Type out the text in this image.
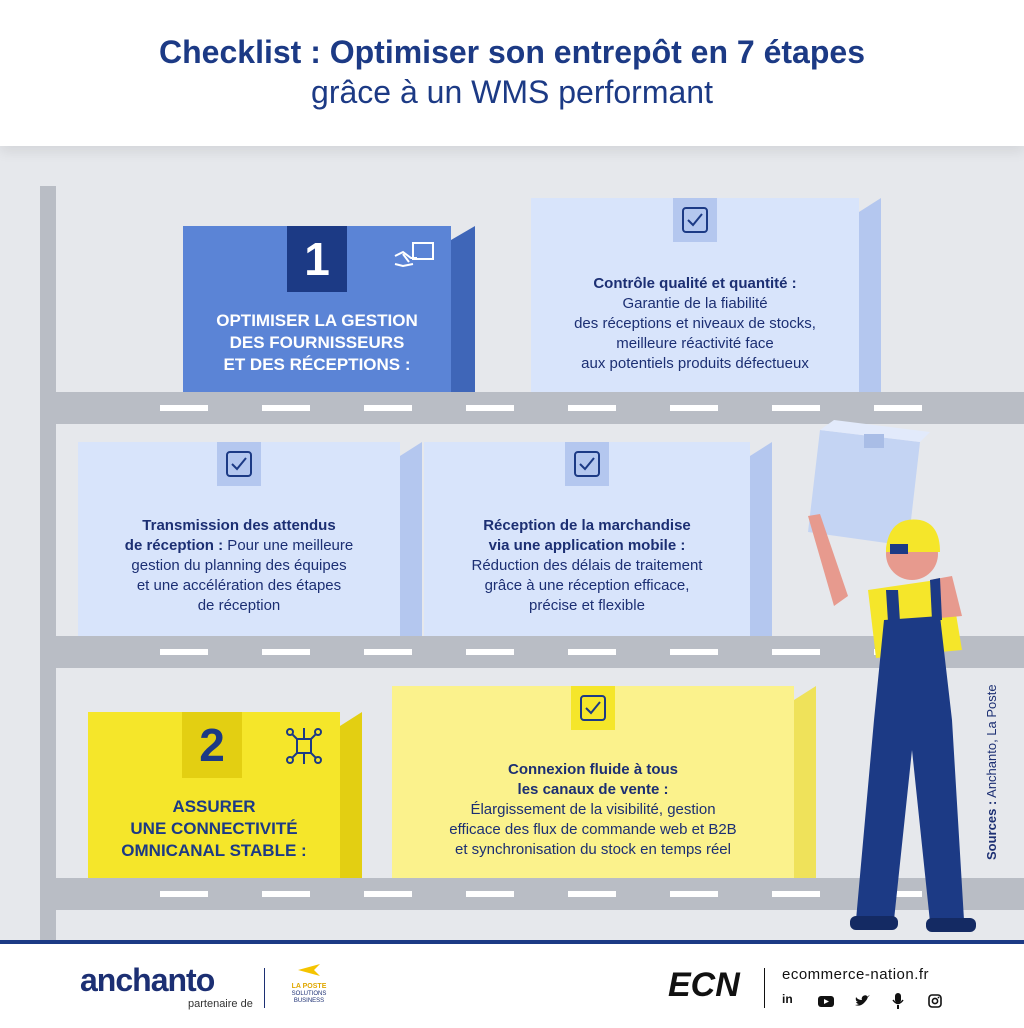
Checklist : Optimiser son entrepôt en 7 étapes
grâce à un WMS performant
1
OPTIMISER LA GESTION
DES FOURNISSEURS
ET DES RÉCEPTIONS :
Contrôle qualité et quantité :
Garantie de la fiabilité
des réceptions et niveaux de stocks,
meilleure réactivité face
aux potentiels produits défectueux
Transmission des attendus
de réception : Pour une meilleure
gestion du planning des équipes
et une accélération des étapes
de réception
Réception de la marchandise
via une application mobile :
Réduction des délais de traitement
grâce à une réception efficace,
précise et flexible
2
ASSURER
UNE CONNECTIVITÉ
OMNICANAL STABLE :
Connexion fluide à tous
les canaux de vente :
Élargissement de la visibilité, gestion
efficace des flux de commande web et B2B
et synchronisation du stock en temps réel	Sources : Anchanto, La Poste
anchanto
partenaire de
LA POSTE
SOLUTIONS
BUSINESS	ECN	ecommerce-nation.fr
in
